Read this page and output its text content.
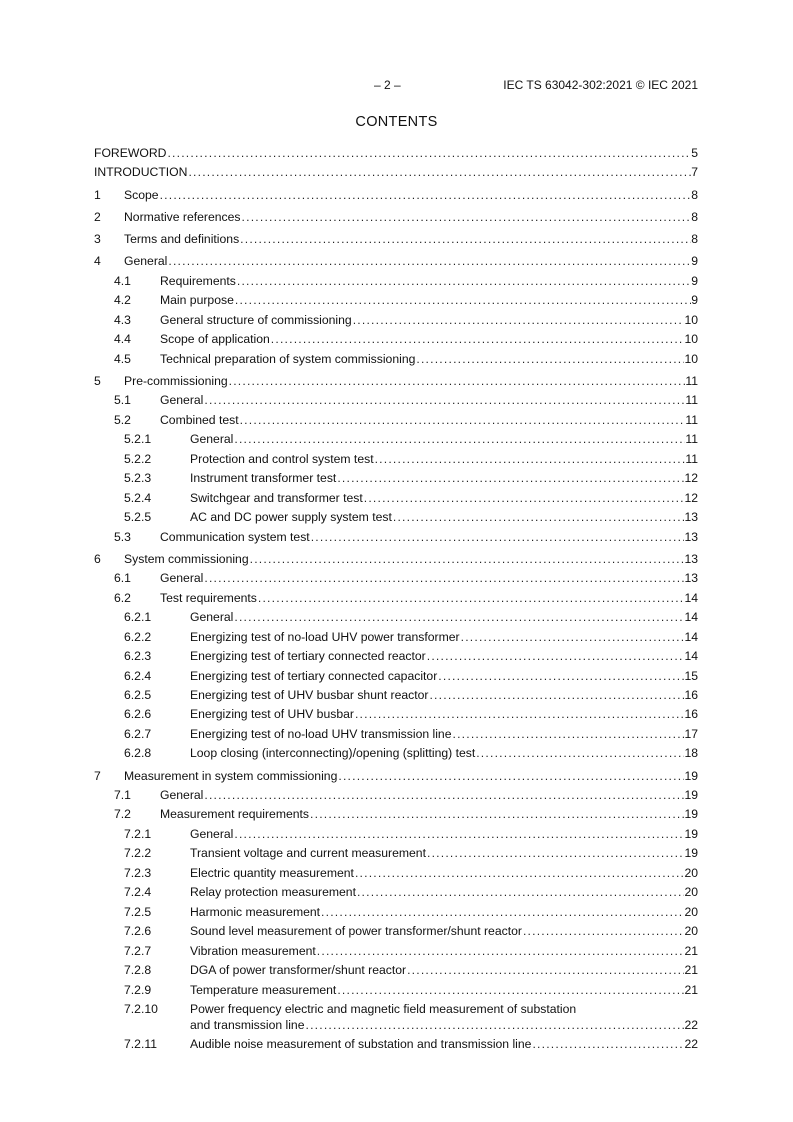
– 2 –	IEC TS 63042-302:2021 © IEC 2021
CONTENTS
FOREWORD .....	5
INTRODUCTION .....	7
1 Scope .....	8
2 Normative references .....	8
3 Terms and definitions .....	8
4 General .....	9
4.1 Requirements .....	9
4.2 Main purpose .....	9
4.3 General structure of commissioning .....	10
4.4 Scope of application .....	10
4.5 Technical preparation of system commissioning .....	10
5 Pre-commissioning .....	11
5.1 General .....	11
5.2 Combined test .....	11
5.2.1	General .....	11
5.2.2	Protection and control system test .....	11
5.2.3	Instrument transformer test .....	12
5.2.4	Switchgear and transformer test .....	12
5.2.5	AC and DC power supply system test .....	13
5.3 Communication system test .....	13
6 System commissioning .....	13
6.1 General .....	13
6.2 Test requirements .....	14
6.2.1	General .....	14
6.2.2	Energizing test of no-load UHV power transformer .....	14
6.2.3	Energizing test of tertiary connected reactor .....	14
6.2.4	Energizing test of tertiary connected capacitor .....	15
6.2.5	Energizing test of UHV busbar shunt reactor .....	16
6.2.6	Energizing test of UHV busbar .....	16
6.2.7	Energizing test of no-load UHV transmission line .....	17
6.2.8	Loop closing (interconnecting)/opening (splitting) test .....	18
7 Measurement in system commissioning .....	19
7.1 General .....	19
7.2 Measurement requirements .....	19
7.2.1	General .....	19
7.2.2	Transient voltage and current measurement .....	19
7.2.3	Electric quantity measurement .....	20
7.2.4	Relay protection measurement .....	20
7.2.5	Harmonic measurement .....	20
7.2.6	Sound level measurement of power transformer/shunt reactor .....	20
7.2.7	Vibration measurement .....	21
7.2.8	DGA of power transformer/shunt reactor .....	21
7.2.9	Temperature measurement .....	21
7.2.10	Power frequency electric and magnetic field measurement of substation
and transmission line .....	22
7.2.11	Audible noise measurement of substation and transmission line .....	22
